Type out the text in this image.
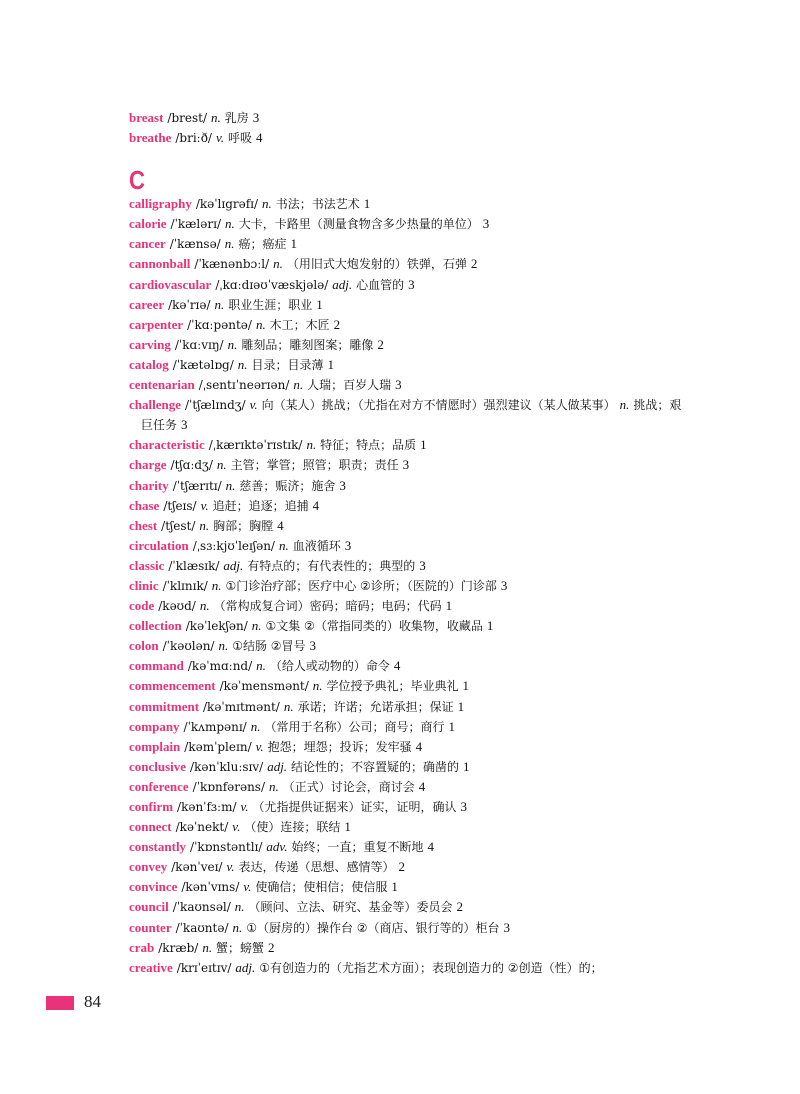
breast /brest/ n. 乳房 3
breathe /briːð/ v. 呼吸 4
C
calligraphy /kəˈlɪgrəfɪ/ n. 书法；书法艺术 1
calorie /ˈkælərɪ/ n. 大卡，卡路里（测量食物含多少热量的单位） 3
cancer /ˈkænsə/ n. 癌；癌症 1
cannonball /ˈkænənbɔːl/ n. （用旧式大炮发射的）铁弹，石弹 2
cardiovascular /ˌkɑːdɪəʊˈvæskjələ/ adj. 心血管的 3
career /kəˈrɪə/ n. 职业生涯；职业 1
carpenter /ˈkɑːpəntə/ n. 木工；木匠 2
carving /ˈkɑːvɪŋ/ n. 雕刻品；雕刻图案；雕像 2
catalog /ˈkætəlɒg/ n. 目录；目录薄 1
centenarian /ˌsentɪˈneərɪən/ n. 人瑞；百岁人瑞 3
challenge /ˈtʃælɪndʒ/ v. 向（某人）挑战；（尤指在对方不情愿时）强烈建议（某人做某事） n. 挑战；艰巨任务 3
characteristic /ˌkærɪktəˈrɪstɪk/ n. 特征；特点；品质 1
charge /tʃɑːdʒ/ n. 主管；掌管；照管；职责；责任 3
charity /ˈtʃærɪtɪ/ n. 慈善；赈济；施舍 3
chase /tʃeɪs/ v. 追赶；追逐；追捕 4
chest /tʃest/ n. 胸部；胸膛 4
circulation /ˌsɜːkjʊˈleɪʃən/ n. 血液循环 3
classic /ˈklæsɪk/ adj. 有特点的；有代表性的；典型的 3
clinic /ˈklɪnɪk/ n. ①门诊治疗部；医疗中心 ②诊所；（医院的）门诊部 3
code /kəʊd/ n. （常构成复合词）密码；暗码；电码；代码 1
collection /kəˈlekʃən/ n. ①文集 ②（常指同类的）收集物，收藏品 1
colon /ˈkəʊlən/ n. ①结肠 ②冒号 3
command /kəˈmɑːnd/ n. （给人或动物的）命令 4
commencement /kəˈmensmənt/ n. 学位授予典礼；毕业典礼 1
commitment /kəˈmɪtmənt/ n. 承诺；许诺；允诺承担；保证 1
company /ˈkʌmpənɪ/ n. （常用于名称）公司；商号；商行 1
complain /kəmˈpleɪn/ v. 抱怨；埋怨；投诉；发牢骚 4
conclusive /kənˈkluːsɪv/ adj. 结论性的；不容置疑的；确凿的 1
conference /ˈkɒnfərəns/ n. （正式）讨论会，商讨会 4
confirm /kənˈfɜːm/ v. （尤指提供证据来）证实，证明，确认 3
connect /kəˈnekt/ v. （使）连接；联结 1
constantly /ˈkɒnstəntlɪ/ adv. 始终；一直；重复不断地 4
convey /kənˈveɪ/ v. 表达，传递（思想、感情等） 2
convince /kənˈvɪns/ v. 使确信；使相信；使信服 1
council /ˈkaʊnsəl/ n. （顾问、立法、研究、基金等）委员会 2
counter /ˈkaʊntə/ n. ①（厨房的）操作台 ②（商店、银行等的）柜台 3
crab /kræb/ n. 蟹；螃蟹 2
creative /krɪˈeɪtɪv/ adj. ①有创造力的（尤指艺术方面）；表现创造力的 ②创造（性）的；
84
